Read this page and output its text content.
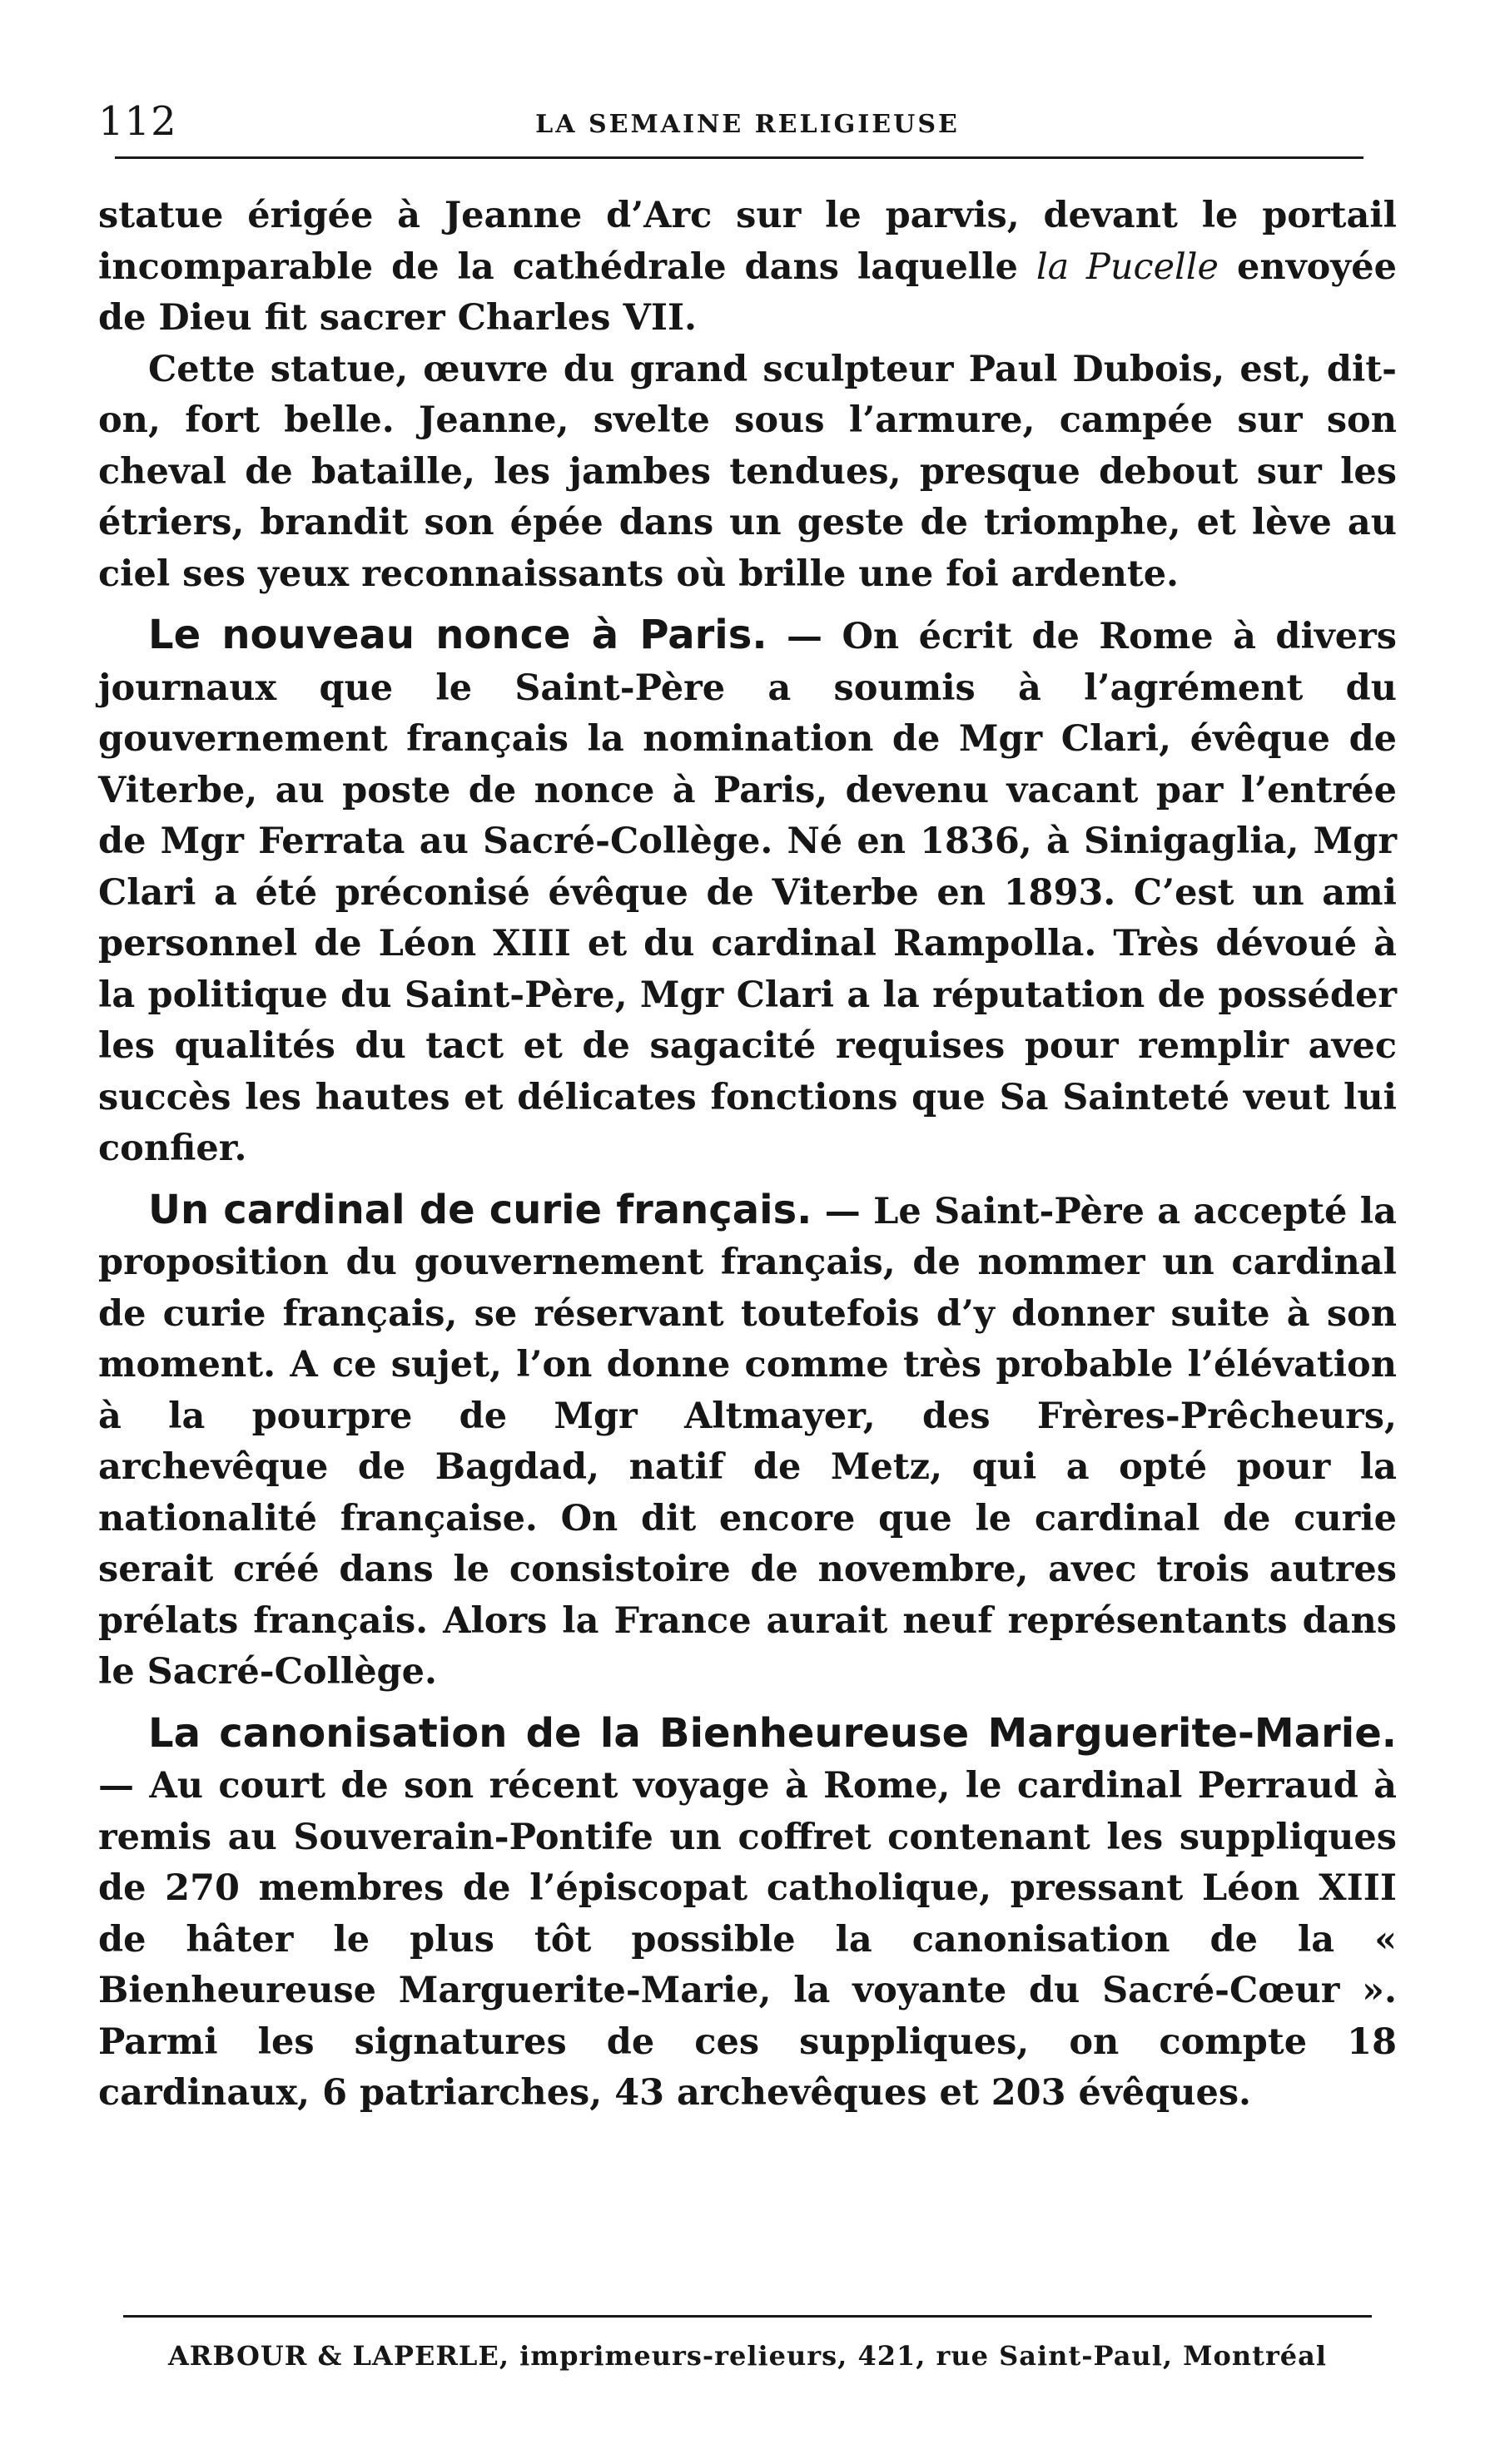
112	LA SEMAINE RELIGIEUSE

statue érigée à Jeanne d’Arc sur le parvis, devant le portail incomparable de la cathédrale dans laquelle la Pucelle envoyée de Dieu fit sacrer Charles VII.

Cette statue, œuvre du grand sculpteur Paul Dubois, est, dit-on, fort belle. Jeanne, svelte sous l’armure, campée sur son cheval de bataille, les jambes tendues, presque debout sur les étriers, brandit son épée dans un geste de triomphe, et lève au ciel ses yeux reconnaissants où brille une foi ardente.

Le nouveau nonce à Paris. — On écrit de Rome à divers journaux que le Saint-Père a soumis à l’agrément du gouvernement français la nomination de Mgr Clari, évêque de Viterbe, au poste de nonce à Paris, devenu vacant par l’entrée de Mgr Ferrata au Sacré-Collège. Né en 1836, à Sinigaglia, Mgr Clari a été préconisé évêque de Viterbe en 1893. C’est un ami personnel de Léon XIII et du cardinal Rampolla. Très dévoué à la politique du Saint-Père, Mgr Clari a la réputation de posséder les qualités du tact et de sagacité requises pour remplir avec succès les hautes et délicates fonctions que Sa Sainteté veut lui confier.

Un cardinal de curie français. — Le Saint-Père a accepté la proposition du gouvernement français, de nommer un cardinal de curie français, se réservant toutefois d’y donner suite à son moment. A ce sujet, l’on donne comme très probable l’élévation à la pourpre de Mgr Altmayer, des Frères-Prêcheurs, archevêque de Bagdad, natif de Metz, qui a opté pour la nationalité française. On dit encore que le cardinal de curie serait créé dans le consistoire de novembre, avec trois autres prélats français. Alors la France aurait neuf représentants dans le Sacré-Collège.

La canonisation de la Bienheureuse Marguerite-Marie. — Au court de son récent voyage à Rome, le cardinal Perraud à remis au Souverain-Pontife un coffret contenant les suppliques de 270 membres de l’épiscopat catholique, pressant Léon XIII de hâter le plus tôt possible la canonisation de la « Bienheureuse Marguerite-Marie, la voyante du Sacré-Cœur ». Parmi les signatures de ces suppliques, on compte 18 cardinaux, 6 patriarches, 43 archevêques et 203 évêques.

ARBOUR & LAPERLE, imprimeurs-relieurs, 421, rue Saint-Paul, Montréal
